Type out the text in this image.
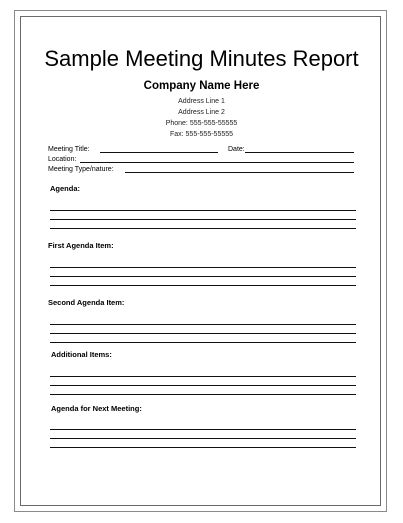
Sample Meeting Minutes Report
Company Name Here
Address Line 1
Address Line 2
Phone: 555-555-55555
Fax: 555-555-55555
Meeting Title:	Date:
Location:
Meeting Type/nature:
Agenda:
First Agenda Item:
Second Agenda Item:
Additional Items:
Agenda for Next Meeting:
